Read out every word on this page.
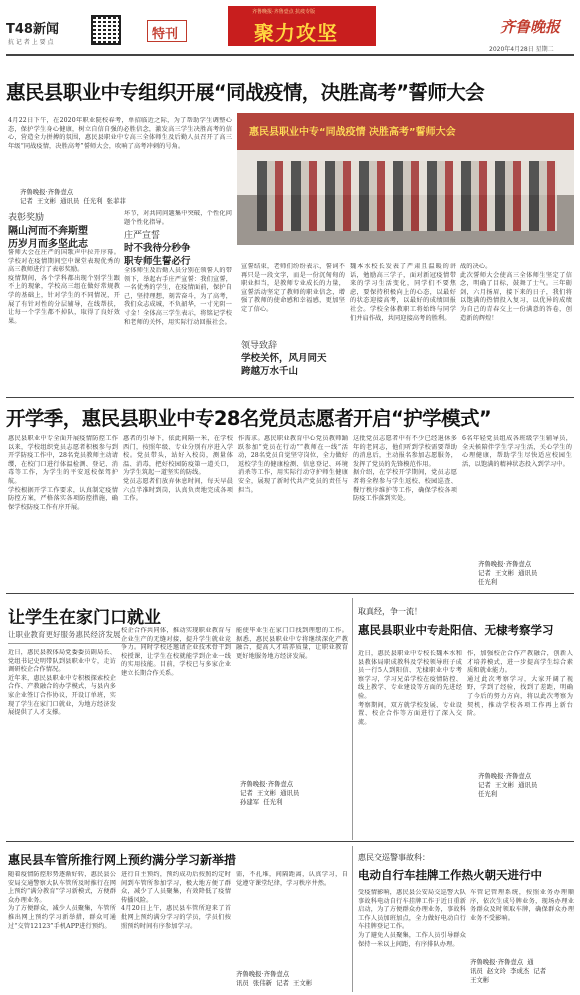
T48新闻
抗 记 者 上 要 点
特刊
齐鲁晚报·齐鲁壹点 抗疫专版
聚力攻坚	齐鲁晚报
2020年4月28日 星期二
惠民县职业中专组织开展“同战疫情，决胜高考”誓师大会
4月22日下午，在2020年职业院校春考，单招临近之际，为了帮助学生调整心态，保护学生身心健康，树立自信自强的必胜信念，激发高三学生决胜高考的信心，营造全力拼搏的氛围，惠民县职业中专高三全体师生及后勤人员召开了高三年级“同战疫情，决胜高考”誓师大会，吹响了高考冲刺的号角。
齐鲁晚报·齐鲁壹点
记者  王文彬  通讯员  任光利  张菲菲
惠民县职业中专“同战疫情 决胜高考”誓师大会
表彰奖励
隔山河而不奔斯塑
历岁月而多坚此志
誓师大会在庄严的国歌声中拉开序幕。学校对在疫情期间空中课堂表现优秀的高三教师进行了表彰奖励。
疫情期间，各个学科都出现个别学生跟不上的现象，学校高三组在做好常规教学的基础上，针对学生的不同情况，开展了有针对性的分层辅导，在线帮扶，让每一个学生都不掉队，取得了良好效果。
坏节，对共同问题集中突破，个性化问题个性化指导。
庄严宣誓
时不我待分秒争
职专师生誓必行
全体师生及后勤人员分别在领誓人的带领下，举起右手庄严宣誓：我们宣誓，一名优秀的学生，在疫情面前，保护自己，坚持理想，刻苦奋斗，为了高考，我们众志成城，不负韶华，一寸光阴一寸金！全体高三学生表示，将铭记学校和老师的关怀，用实际行动回报社会。
宣誓结束，老师们纷纷表示，誓词不再只是一段文字，而是一份沉甸甸的职业担当，是教师专业成长的力量，宣誓活动坚定了教师的职业信念，增强了教师的使命感和幸福感，更加坚定了信心。
领导致辞
学校关怀，风月同天
跨越万水千山
魏本水校长发表了严肃且温暖的讲话，勉励高三学子，面对新冠疫情带来的学习生活变化，同学们不要焦虑，要保持积极向上的心态，以最好的状态迎接高考，以最好的成绩回报社会。学校全体教职工将始终与同学们并肩作战，共同迎接高考的胜利。
战的决心。
此次誓师大会使高三全体师生坚定了信念，明确了目标，鼓舞了士气。三年砺剑，六月扬眉，接下来的日子，我们将以饱满的热情投入复习，以优异的成绩为自己的青春交上一份满意的答卷，创造新的辉煌！
开学季，惠民县职业中专28名党员志愿者开启“护学模式”
惠民县职业中专全面开展疫情防控工作以来，学校组织党员志愿者积极参与到开学防疫工作中，28名党员教师主动请缨，在校门口进行体温检测、登记、消毒等工作，为学生的平安返校保驾护航。
学校根据开学工作要求，认真制定疫情防控方案，严格落实各项防控措施，确保学校防疫工作有序开展。
惠者的引导下，依此间隔一米，在学校西门，按照年级、专业分别有序进入学校。党员带头，站好入校岗，测量体温、消毒，把好校园防疫第一道关口，为学生筑起一道坚实的防线。
党员志愿者们放弃休息时间，每天早晨六点半准时到岗，认真负责地完成各项工作。
作需求。惠民职业教育中心党员教师踊跃参加“党员在行动”“教师在一线”活动，28名党员自觉坚守岗位，全力做好返校学生的健康检测、信息登记、环境消杀等工作，用实际行动守护师生健康安全，展现了新时代共产党员的责任与担当。
这批党员志愿者中有不少已经退休多年的老同志，他们听到学校需要帮助的消息后，主动报名参加志愿服务，发挥了党员的先锋模范作用。
据介绍，在学校开学期间，党员志愿者将全程参与学生返校、校园巡查、餐厅秩序维护等工作，确保学校各项防疫工作落到实处。
6名年轻党员组成各班级学生辅导员，全天候陪伴学生学习生活，关心学生的心理健康，帮助学生尽快适应校园生活，以饱满的精神状态投入到学习中。
齐鲁晚报·齐鲁壹点
记者  王文彬  通讯员
任光利
让学生在家门口就业
让职业教育更好服务惠民经济发展
近日，惠民县教体局党委委员副局长、党组书记史明带队到县职业中专，走访调研校企合作情况。
近年来，惠民县职业中专积极探索校企合作、产教融合的办学模式，与县内多家企业签订合作协议，开设订单班，实现了学生在家门口就业，为地方经济发展提供了人才支撑。
校企合作共同体，推动实现职业教育与企业生产的无缝对接，提升学生就业竞争力。同时学校还邀请企业技术骨干到校授课，让学生在校就能学到企业一线的实用技能。目前，学校已与多家企业建立长期合作关系。
能使毕业生在家门口找到理想的工作。据悉，惠民县职业中专将继续深化产教融合，提高人才培养质量，让职业教育更好地服务地方经济发展。
齐鲁晚报·齐鲁壹点
记者  王文彬  通讯员
孙建军  任光利
取真经，争一流！
惠民县职业中专赴阳信、无棣考察学习
近日，惠民县职业中专校长魏本水和县教体局职成教科及学校领导班子成员一行5人到阳信、无棣职业中专考察学习，学习兄弟学校在疫情防控、线上教学、专业建设等方面的先进经验。
考察期间，双方就学校发展、专业设置、校企合作等方面进行了深入交流。
作，加强校企合作产教融合，创新人才培养模式，进一步提高学生综合素质和就业能力。
通过此次考察学习，大家开阔了视野，学到了经验，找到了差距，明确了今后的努力方向，将以此次考察为契机，推动学校各项工作再上新台阶。
齐鲁晚报·齐鲁壹点
记者  王文彬  通讯员
任光利
惠民县车管所推行网上预约满分学习新举措
随着疫情防控形势逐渐好转，惠民县公安局交通警察大队车管所及时推行在网上预约“满分教育”学习新模式，方便群众办理业务。
为了方便群众，减少人员聚集，车管所推出网上预约学习新举措，群众可通过“交管12123”手机APP进行预约。
进行自主预约，预约成功后按照约定时间到车管所参加学习，极大地方便了群众，减少了人员聚集，有效降低了疫情传播风险。
4月20日上午，惠民县车管所迎来了首批网上预约满分学习的学员，学员们按照预约时间有序参加学习。
需，不扎堆，间隔距离，认真学习，自觉遵守课堂纪律，学习秩序井然。
齐鲁晚报·齐鲁壹点
讯员  张伟新  记者  王文彬
惠民交巡警事故科：
电动自行车挂牌工作热火朝天进行中
受疫情影响，惠民县公安局交巡警大队事故科电动自行车挂牌工作于近日重新启动，为了方便群众办理业务，事故科工作人员加班加点，全力做好电动自行车挂牌登记工作。
为了避免人员聚集，工作人员引导群众保持一米以上间距，有序排队办理。
车管记管理系统，按照业务办理顺序，依次生成号牌业务，现场办理业务群众及时领取车牌，确保群众办理业务不受影响。
齐鲁晚报·齐鲁壹点  通
讯员  赵文玲  李成杰  记者
王文彬
